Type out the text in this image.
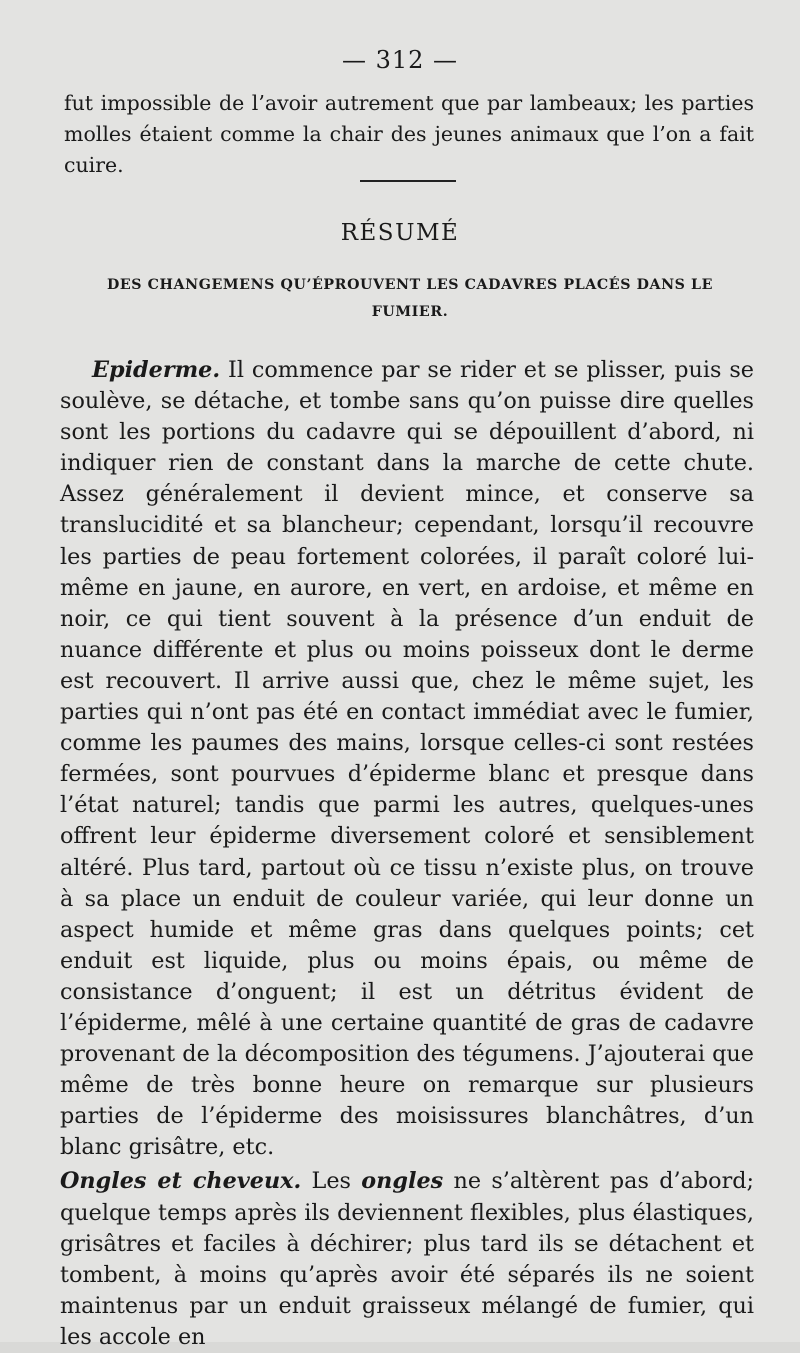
— 312 —

fut impossible de l’avoir autrement que par lambeaux; les parties molles étaient comme la chair des jeunes animaux que l’on a fait cuire.

RÉSUMÉ
DES CHANGEMENS QU’ÉPROUVENT LES CADAVRES PLACÉS DANS LE FUMIER.

Epiderme. Il commence par se rider et se plisser, puis se soulève, se détache, et tombe sans qu’on puisse dire quelles sont les portions du cadavre qui se dépouillent d’abord, ni indiquer rien de constant dans la marche de cette chute. Assez généralement il devient mince, et conserve sa translucidité et sa blancheur; cependant, lorsqu’il recouvre les parties de peau fortement colorées, il paraît coloré lui-même en jaune, en aurore, en vert, en ardoise, et même en noir, ce qui tient souvent à la présence d’un enduit de nuance différente et plus ou moins poisseux dont le derme est recouvert. Il arrive aussi que, chez le même sujet, les parties qui n’ont pas été en contact immédiat avec le fumier, comme les paumes des mains, lorsque celles-ci sont restées fermées, sont pourvues d’épiderme blanc et presque dans l’état naturel; tandis que parmi les autres, quelques-unes offrent leur épiderme diversement coloré et sensiblement altéré. Plus tard, partout où ce tissu n’existe plus, on trouve à sa place un enduit de couleur variée, qui leur donne un aspect humide et même gras dans quelques points; cet enduit est liquide, plus ou moins épais, ou même de consistance d’onguent; il est un détritus évident de l’épiderme, mêlé à une certaine quantité de gras de cadavre provenant de la décomposition des tégumens. J’ajouterai que même de très bonne heure on remarque sur plusieurs parties de l’épiderme des moisissures blanchâtres, d’un blanc grisâtre, etc.

Ongles et cheveux. Les ongles ne s’altèrent pas d’abord; quelque temps après ils deviennent flexibles, plus élastiques, grisâtres et faciles à déchirer; plus tard ils se détachent et tombent, à moins qu’après avoir été séparés ils ne soient maintenus par un enduit graisseux mélangé de fumier, qui les accole en
